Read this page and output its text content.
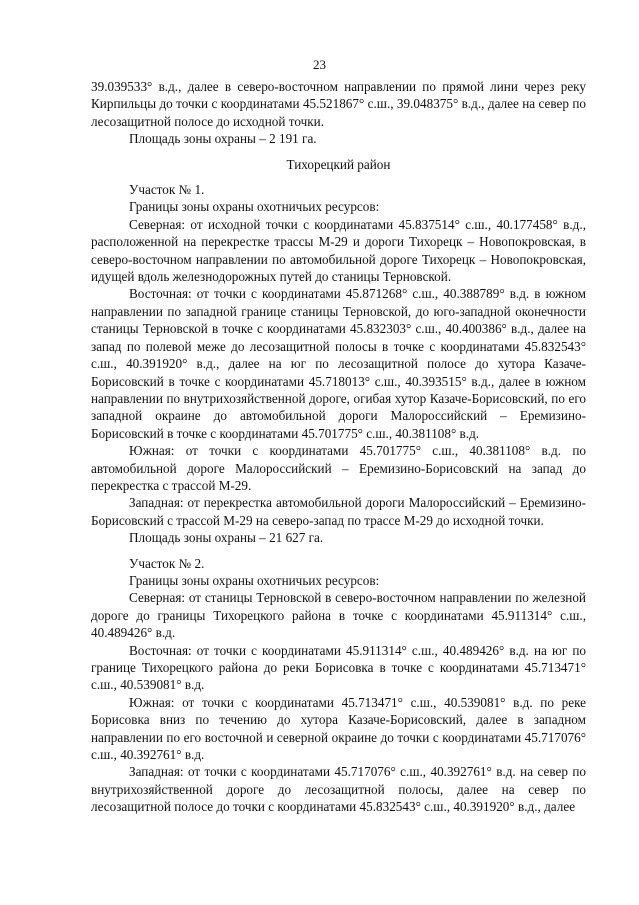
23

39.039533° в.д., далее в северо-восточном направлении по прямой лини через реку Кирпильцы до точки с координатами 45.521867° с.ш., 39.048375° в.д., далее на север по лесозащитной полосе до исходной точки.

Площадь зоны охраны – 2 191 га.

Тихорецкий район

Участок № 1.

Границы зоны охраны охотничьих ресурсов:

Северная: от исходной точки с координатами 45.837514° с.ш., 40.177458° в.д., расположенной на перекрестке трассы М-29 и дороги Тихорецк – Новопокровская, в северо-восточном направлении по автомобильной дороге Тихорецк – Новопокровская, идущей вдоль железнодорожных путей до станицы Терновской.

Восточная: от точки с координатами 45.871268° с.ш., 40.388789° в.д. в южном направлении по западной границе станицы Терновской, до юго-западной оконечности станицы Терновской в точке с координатами 45.832303° с.ш., 40.400386° в.д., далее на запад по полевой меже до лесозащитной полосы в точке с координатами 45.832543° с.ш., 40.391920° в.д., далее на юг по лесозащитной полосе до хутора Казаче-Борисовский в точке с координатами 45.718013° с.ш., 40.393515° в.д., далее в южном направлении по внутрихозяйственной дороге, огибая хутор Казаче-Борисовский, по его западной окраине до автомобильной дороги Малороссийский – Еремизино-Борисовский в точке с координатами 45.701775° с.ш., 40.381108° в.д.

Южная: от точки с координатами 45.701775° с.ш., 40.381108° в.д. по автомобильной дороге Малороссийский – Еремизино-Борисовский на запад до перекрестка с трассой М-29.

Западная: от перекрестка автомобильной дороги Малороссийский – Еремизино-Борисовский с трассой М-29 на северо-запад по трассе М-29 до исходной точки.

Площадь зоны охраны – 21 627 га.

Участок № 2.

Границы зоны охраны охотничьих ресурсов:

Северная: от станицы Терновской в северо-восточном направлении по железной дороге до границы Тихорецкого района в точке с координатами 45.911314° с.ш., 40.489426° в.д.

Восточная: от точки с координатами 45.911314° с.ш., 40.489426° в.д. на юг по границе Тихорецкого района до реки Борисовка в точке с координатами 45.713471° с.ш., 40.539081° в.д.

Южная: от точки с координатами 45.713471° с.ш., 40.539081° в.д. по реке Борисовка вниз по течению до хутора Казаче-Борисовский, далее в западном направлении по его восточной и северной окраине до точки с координатами 45.717076° с.ш., 40.392761° в.д.

Западная: от точки с координатами 45.717076° с.ш., 40.392761° в.д. на север по внутрихозяйственной дороге до лесозащитной полосы, далее на север по лесозащитной полосе до точки с координатами 45.832543° с.ш., 40.391920° в.д., далее
